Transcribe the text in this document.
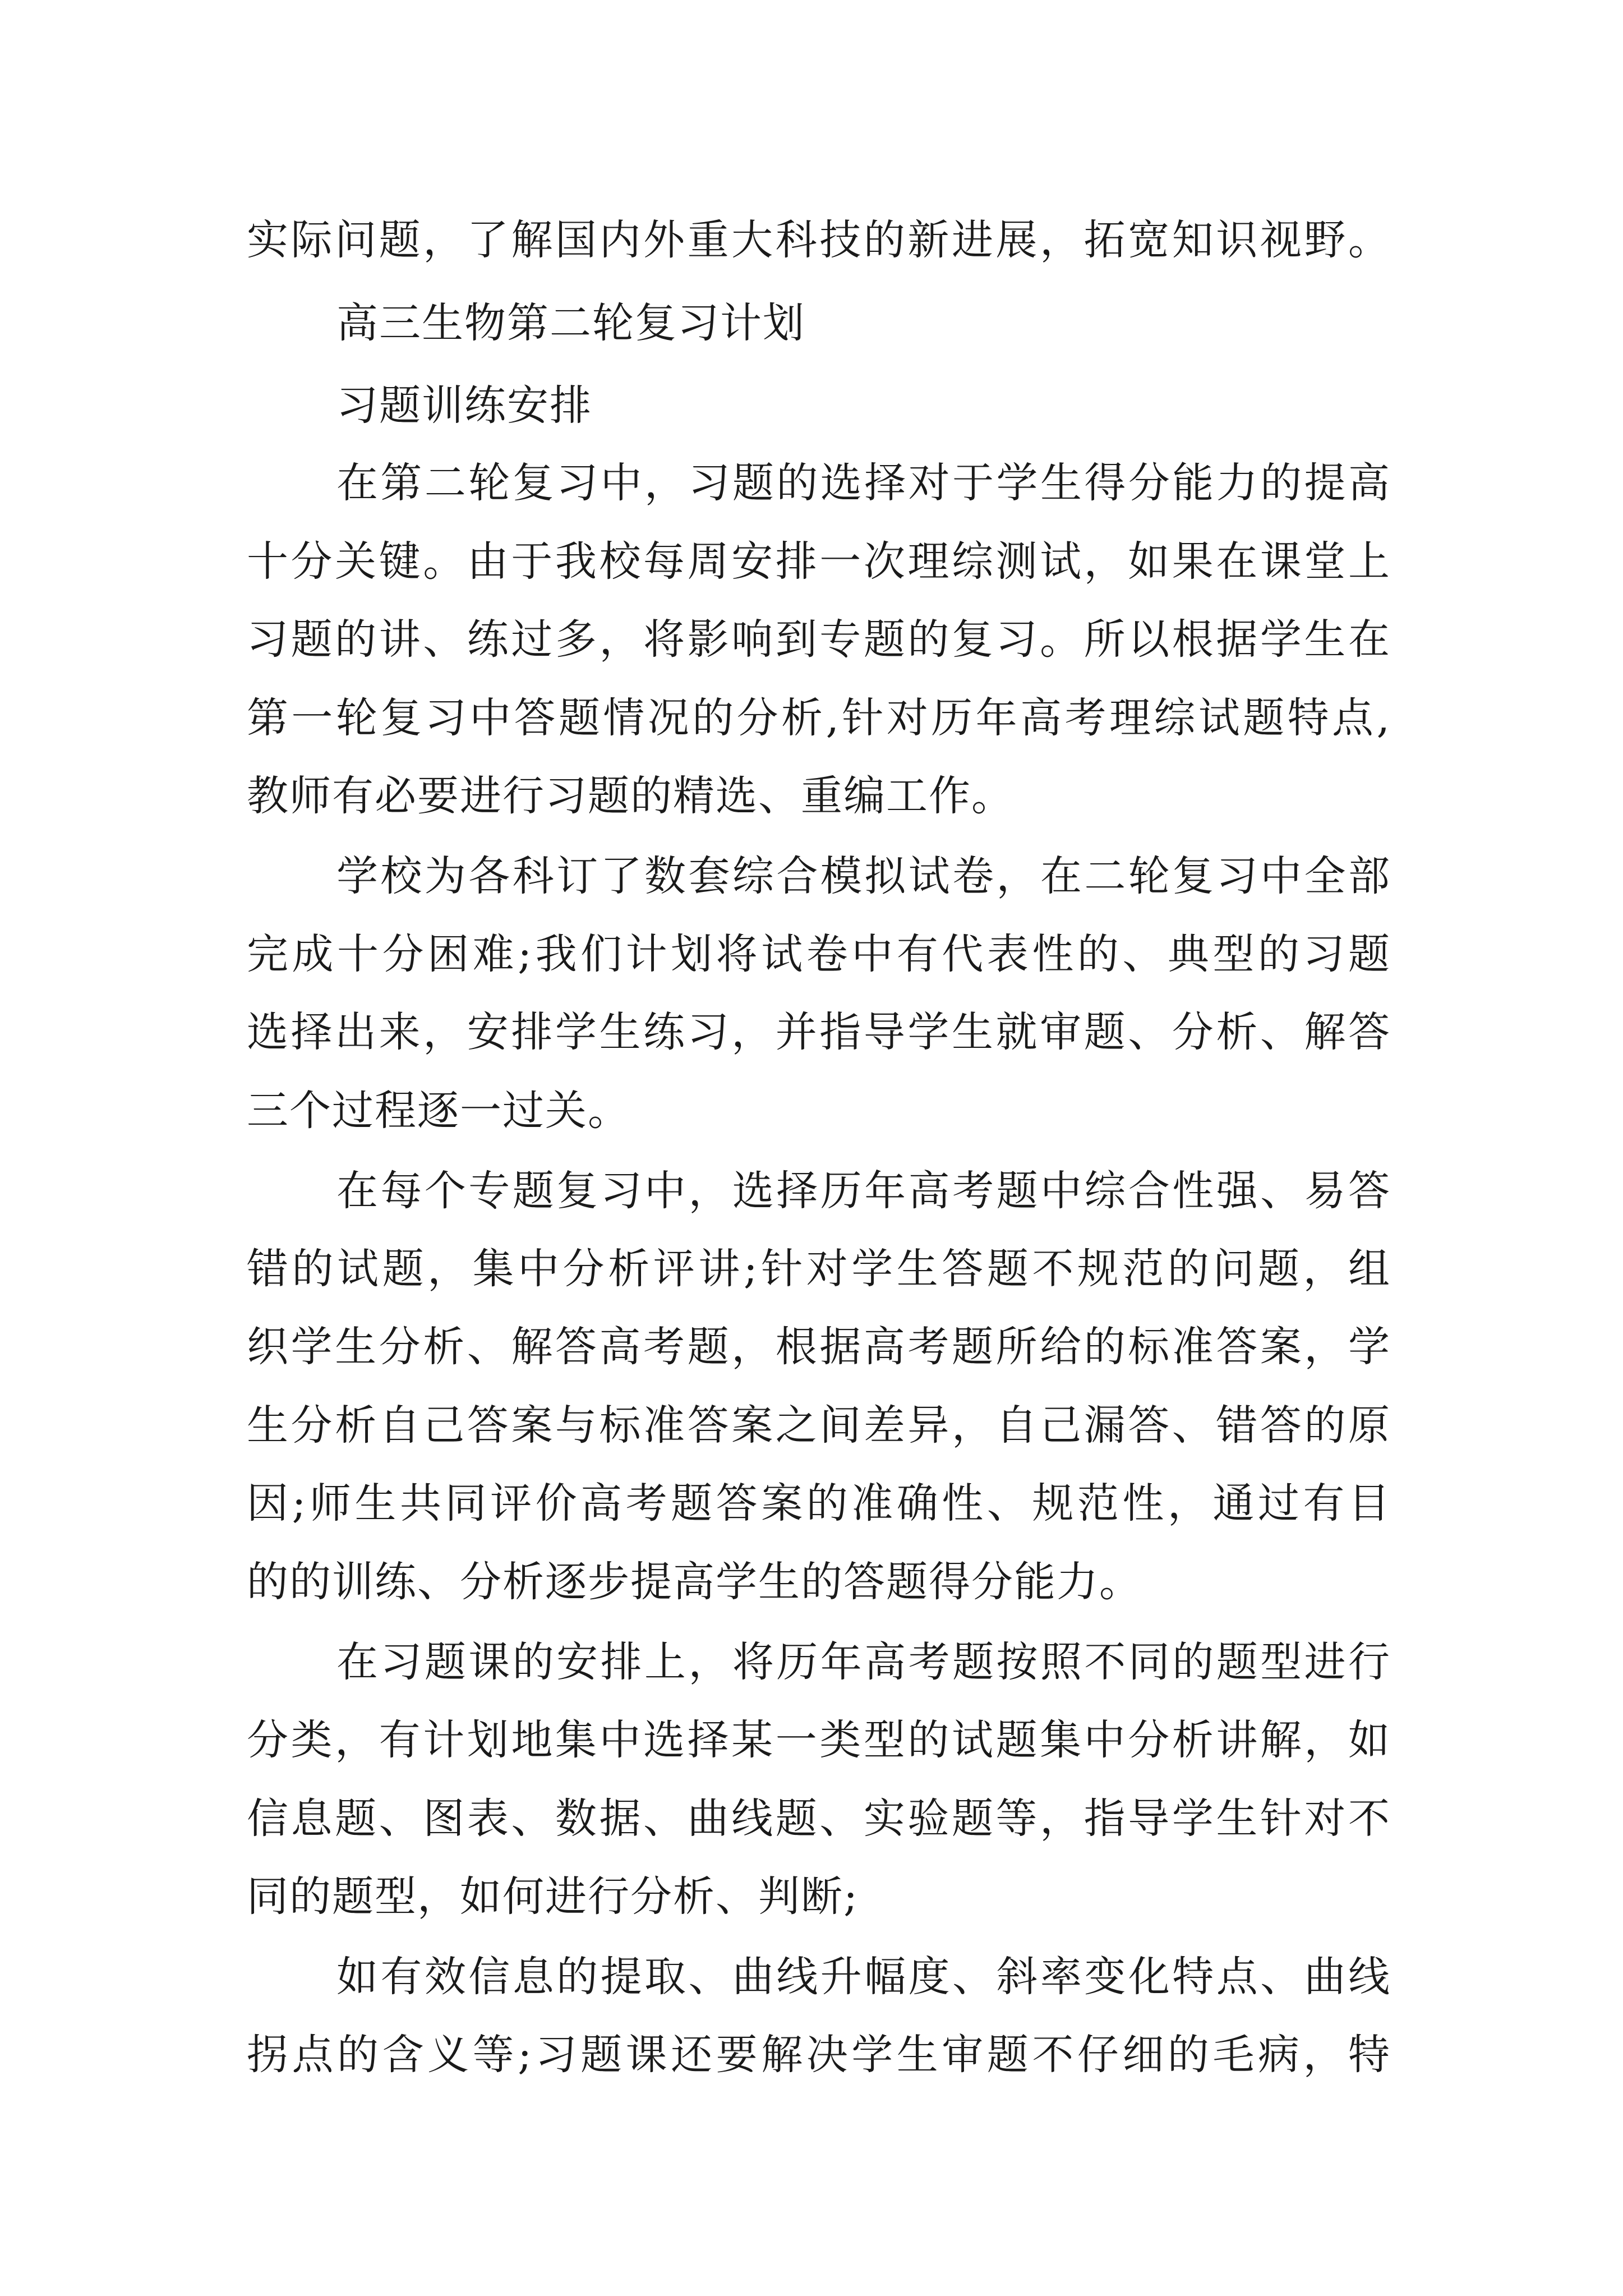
实际问题，了解国内外重大科技的新进展，拓宽知识视野。
高三生物第二轮复习计划
习题训练安排
在第二轮复习中，习题的选择对于学生得分能力的提高
十分关键。由于我校每周安排一次理综测试，如果在课堂上
习题的讲、练过多，将影响到专题的复习。所以根据学生在
第一轮复习中答题情况的分析,针对历年高考理综试题特点,
教师有必要进行习题的精选、重编工作。
学校为各科订了数套综合模拟试卷，在二轮复习中全部
完成十分困难;我们计划将试卷中有代表性的、典型的习题
选择出来，安排学生练习，并指导学生就审题、分析、解答
三个过程逐一过关。
在每个专题复习中，选择历年高考题中综合性强、易答
错的试题，集中分析评讲;针对学生答题不规范的问题，组
织学生分析、解答高考题，根据高考题所给的标准答案，学
生分析自己答案与标准答案之间差异，自己漏答、错答的原
因;师生共同评价高考题答案的准确性、规范性，通过有目
的的训练、分析逐步提高学生的答题得分能力。
在习题课的安排上，将历年高考题按照不同的题型进行
分类，有计划地集中选择某一类型的试题集中分析讲解，如
信息题、图表、数据、曲线题、实验题等，指导学生针对不
同的题型，如何进行分析、判断;
如有效信息的提取、曲线升幅度、斜率变化特点、曲线
拐点的含义等;习题课还要解决学生审题不仔细的毛病，特
